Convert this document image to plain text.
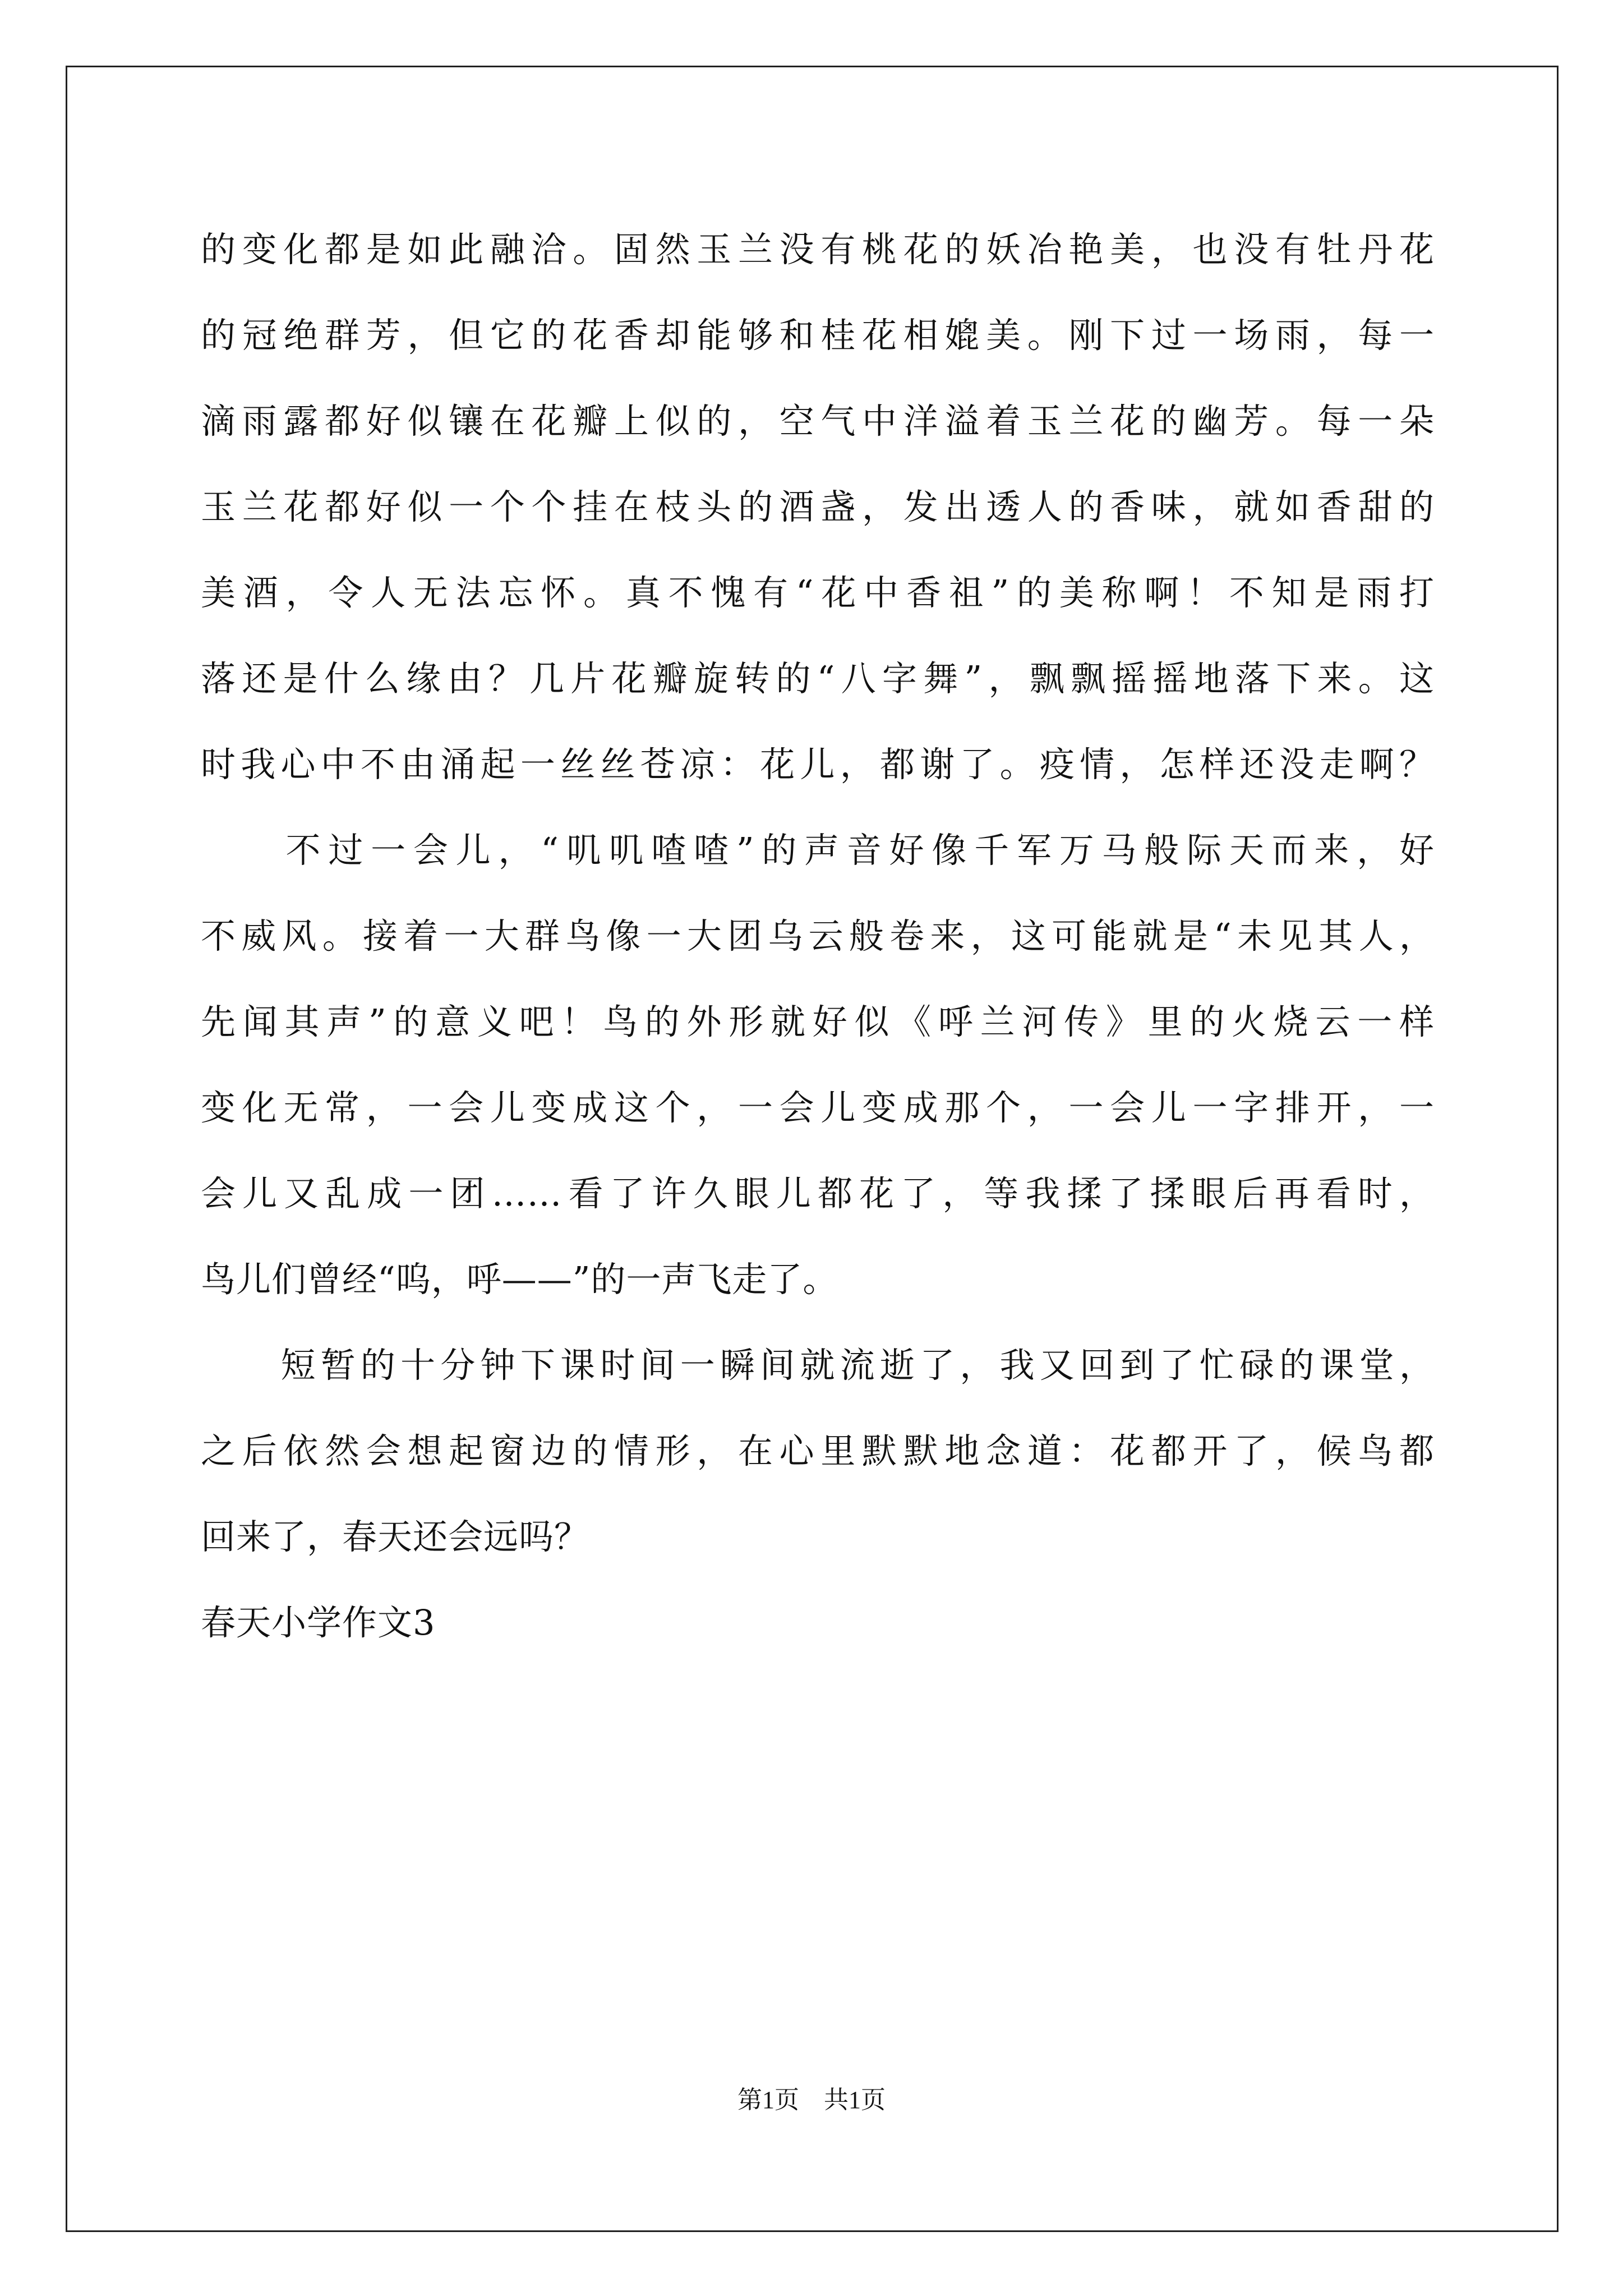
的变化都是如此融洽。固然玉兰没有桃花的妖冶艳美，也没有牡丹花
的冠绝群芳，但它的花香却能够和桂花相媲美。刚下过一场雨，每一
滴雨露都好似镶在花瓣上似的，空气中洋溢着玉兰花的幽芳。每一朵
玉兰花都好似一个个挂在枝头的酒盏，发出透人的香味，就如香甜的
美酒，令人无法忘怀。真不愧有“花中香祖”的美称啊！不知是雨打
落还是什么缘由？几片花瓣旋转的“八字舞”，飘飘摇摇地落下来。这
时我心中不由涌起一丝丝苍凉：花儿，都谢了。疫情，怎样还没走啊？
　　不过一会儿，“叽叽喳喳”的声音好像千军万马般际天而来，好
不威风。接着一大群鸟像一大团乌云般卷来，这可能就是“未见其人，
先闻其声”的意义吧！鸟的外形就好似《呼兰河传》里的火烧云一样
变化无常，一会儿变成这个，一会儿变成那个，一会儿一字排开，一
会儿又乱成一团……看了许久眼儿都花了，等我揉了揉眼后再看时，
鸟儿们曾经“呜，呼——”的一声飞走了。
　　短暂的十分钟下课时间一瞬间就流逝了，我又回到了忙碌的课堂，
之后依然会想起窗边的情形，在心里默默地念道：花都开了，候鸟都
回来了，春天还会远吗？
春天小学作文3
第1页　共1页
